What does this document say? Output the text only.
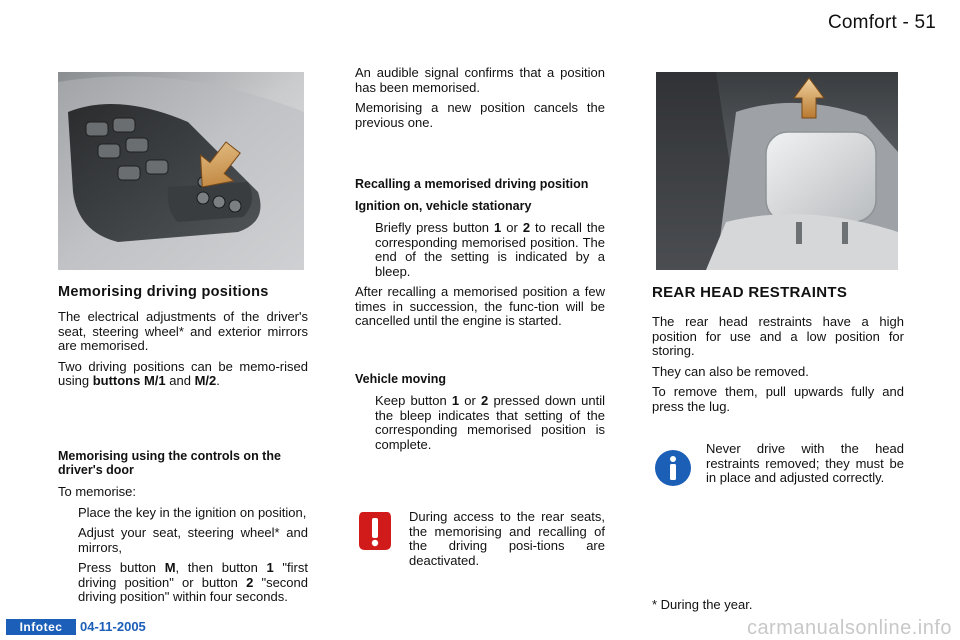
Comfort - 51
Memorising driving positions

The electrical adjustments of the driver's seat, steering wheel* and exterior mirrors are memorised.

Two driving positions can be memo-rised using buttons M/1 and M/2.

Memorising using the controls on the driver's door

To memorise:

Place the key in the ignition on position,

Adjust your seat, steering wheel* and mirrors,

Press button M, then button 1 "first driving position" or button 2 "second driving position" within four seconds.

An audible signal confirms that a position has been memorised.

Memorising a new position cancels the previous one.

Recalling a memorised driving position
Ignition on, vehicle stationary

Briefly press button 1 or 2 to recall the corresponding memorised position. The end of the setting is indicated by a bleep.

After recalling a memorised position a few times in succession, the func-tion will be cancelled until the engine is started.

Vehicle moving

Keep button 1 or 2 pressed down until the bleep indicates that setting of the corresponding memorised position is complete.

During access to the rear seats, the memorising and recalling of the driving posi-tions are deactivated.

REAR HEAD RESTRAINTS

The rear head restraints have a high position for use and a low position for storing.

They can also be removed.

To remove them, pull upwards fully and press the lug.

Never drive with the head restraints removed; they must be in place and adjusted correctly.

* During the year.

Infotec	04-11-2005	carmanualsonline.info
